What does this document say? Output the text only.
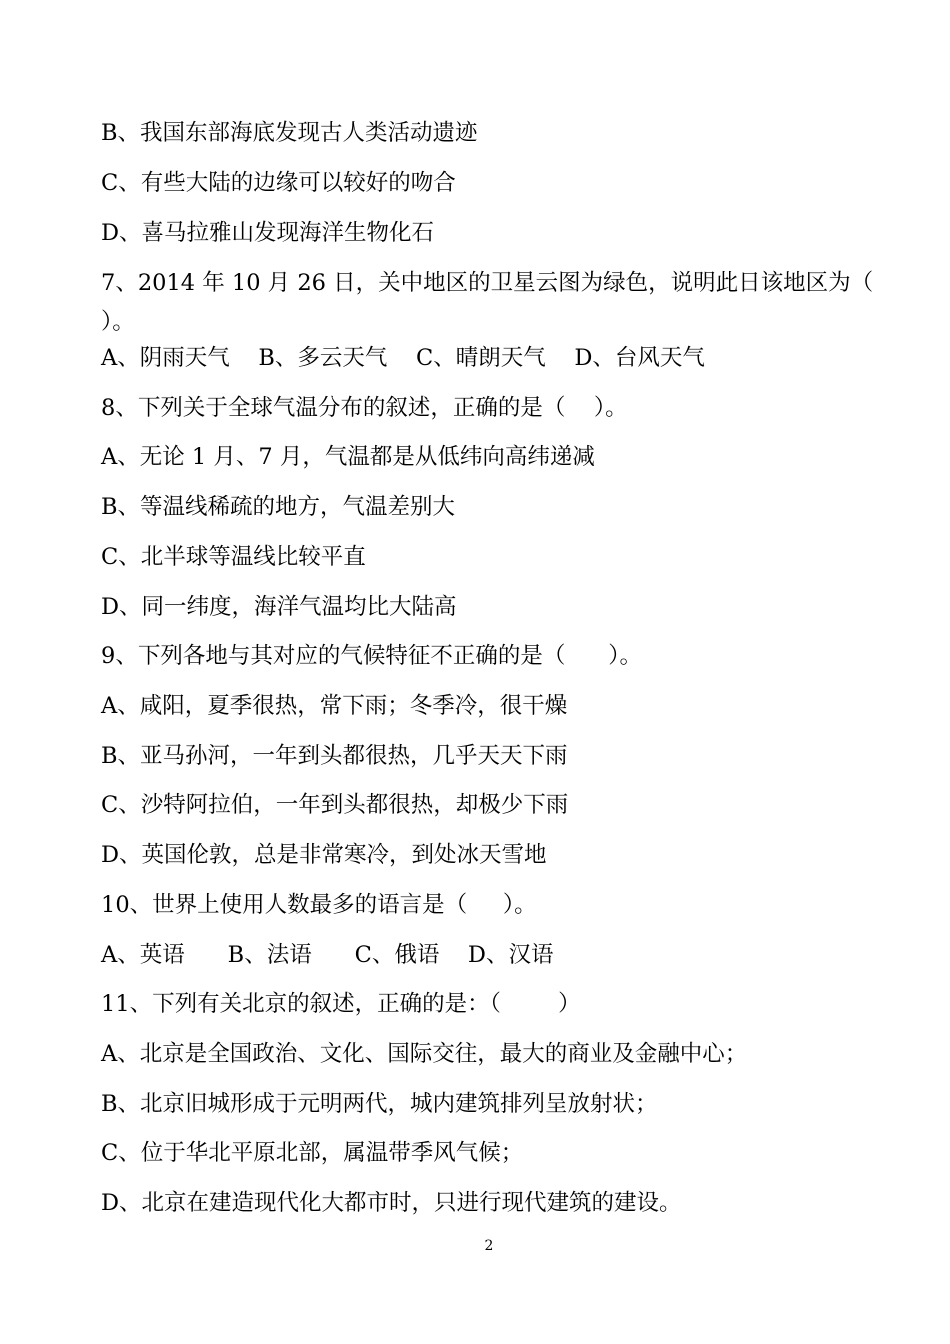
B、我国东部海底发现古人类活动遗迹
C、有些大陆的边缘可以较好的吻合
D、喜马拉雅山发现海洋生物化石
7、2014 年 10 月 26 日，关中地区的卫星云图为绿色，说明此日该地区为（
）。
A、阴雨天气    B、多云天气    C、晴朗天气    D、台风天气
8、下列关于全球气温分布的叙述，正确的是（    ）。
A、无论 1 月、7 月，气温都是从低纬向高纬递减
B、等温线稀疏的地方，气温差别大
C、北半球等温线比较平直
D、同一纬度，海洋气温均比大陆高
9、下列各地与其对应的气候特征不正确的是（      ）。
A、咸阳，夏季很热，常下雨；冬季冷，很干燥
B、亚马孙河，一年到头都很热，几乎天天下雨
C、沙特阿拉伯，一年到头都很热，却极少下雨
D、英国伦敦，总是非常寒冷，到处冰天雪地
10、世界上使用人数最多的语言是（     ）。
A、英语      B、法语      C、俄语    D、汉语
11、下列有关北京的叙述，正确的是：（        ）
A、北京是全国政治、文化、国际交往，最大的商业及金融中心；
B、北京旧城形成于元明两代，城内建筑排列呈放射状；
C、位于华北平原北部，属温带季风气候；
D、北京在建造现代化大都市时，只进行现代建筑的建设。
2
